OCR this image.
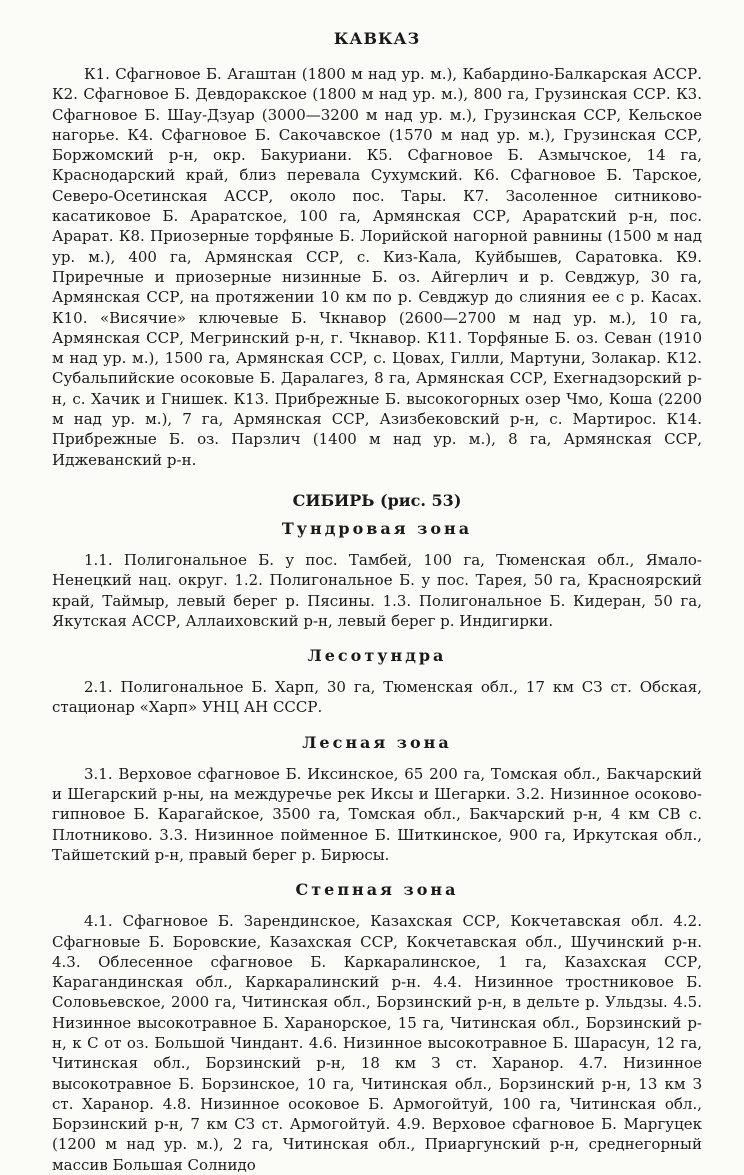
КАВКАЗ

К1. Сфагновое Б. Агаштан (1800 м над ур. м.), Кабардино-Балкарская АССР. К2. Сфагновое Б. Девдоракское (1800 м над ур. м.), 800 га, Грузинская ССР. К3. Сфагновое Б. Шау-Дзуар (3000—3200 м над ур. м.), Грузинская ССР, Кельское нагорье. К4. Сфагновое Б. Сакочавское (1570 м над ур. м.), Грузинская ССР, Боржомский р-н, окр. Бакуриани. К5. Сфагновое Б. Азмычское, 14 га, Краснодарский край, близ перевала Сухумский. К6. Сфагновое Б. Тарское, Северо-Осетинская АССР, около пос. Тары. К7. Засоленное ситниково-касатиковое Б. Араратское, 100 га, Армянская ССР, Араратский р-н, пос. Арарат. К8. Приозерные торфяные Б. Лорийской нагорной равнины (1500 м над ур. м.), 400 га, Армянская ССР, с. Киз-Кала, Куйбышев, Саратовка. К9. Приречные и приозерные низинные Б. оз. Айгерлич и р. Севджур, 30 га, Армянская ССР, на протяжении 10 км по р. Севджур до слияния ее с р. Касах. К10. «Висячие» ключевые Б. Чкнавор (2600—2700 м над ур. м.), 10 га, Армянская ССР, Мегринский р-н, г. Чкнавор. К11. Торфяные Б. оз. Севан (1910 м над ур. м.), 1500 га, Армянская ССР, с. Цовах, Гилли, Мартуни, Золакар. К12. Субальпийские осоковые Б. Даралагез, 8 га, Армянская ССР, Ехегнадзорский р-н, с. Хачик и Гнишек. К13. Прибрежные Б. высокогорных озер Чмо, Коша (2200 м над ур. м.), 7 га, Армянская ССР, Азизбековский р-н, с. Мартирос. К14. Прибрежные Б. оз. Парзлич (1400 м над ур. м.), 8 га, Армянская ССР, Иджеванский р-н.

СИБИРЬ (рис. 53)
Тундровая зона

1.1. Полигональное Б. у пос. Тамбей, 100 га, Тюменская обл., Ямало-Ненецкий нац. округ. 1.2. Полигональное Б. у пос. Тарея, 50 га, Красноярский край, Таймыр, левый берег р. Пясины. 1.3. Полигональное Б. Кидеран, 50 га, Якутская АССР, Аллаиховский р-н, левый берег р. Индигирки.

Лесотундра

2.1. Полигональное Б. Харп, 30 га, Тюменская обл., 17 км СЗ ст. Обская, стационар «Харп» УНЦ АН СССР.

Лесная зона

3.1. Верховое сфагновое Б. Иксинское, 65 200 га, Томская обл., Бакчарский и Шегарский р-ны, на междуречье рек Иксы и Шегарки. 3.2. Низинное осоково-гипновое Б. Карагайское, 3500 га, Томская обл., Бакчарский р-н, 4 км СВ с. Плотниково. 3.3. Низинное пойменное Б. Шиткинское, 900 га, Иркутская обл., Тайшетский р-н, правый берег р. Бирюсы.

Степная зона

4.1. Сфагновое Б. Зарендинское, Казахская ССР, Кокчетавская обл. 4.2. Сфагновые Б. Боровские, Казахская ССР, Кокчетавская обл., Шучинский р-н. 4.3. Облесенное сфагновое Б. Каркаралинское, 1 га, Казахская ССР, Карагандинская обл., Каркаралинский р-н. 4.4. Низинное тростниковое Б. Соловьевское, 2000 га, Читинская обл., Борзинский р-н, в дельте р. Ульдзы. 4.5. Низинное высокотравное Б. Харанорское, 15 га, Читинская обл., Борзинский р-н, к С от оз. Большой Чиндант. 4.6. Низинное высокотравное Б. Шарасун, 12 га, Читинская обл., Борзинский р-н, 18 км З ст. Харанор. 4.7. Низинное высокотравное Б. Борзинское, 10 га, Читинская обл., Борзинский р-н, 13 км З ст. Харанор. 4.8. Низинное осоковое Б. Армогойтуй, 100 га, Читинская обл., Борзинский р-н, 7 км СЗ ст. Армогойтуй. 4.9. Верховое сфагновое Б. Маргуцек (1200 м над ур. м.), 2 га, Читинская обл., Приаргунский р-н, среднегорный массив Большая Солнидо
